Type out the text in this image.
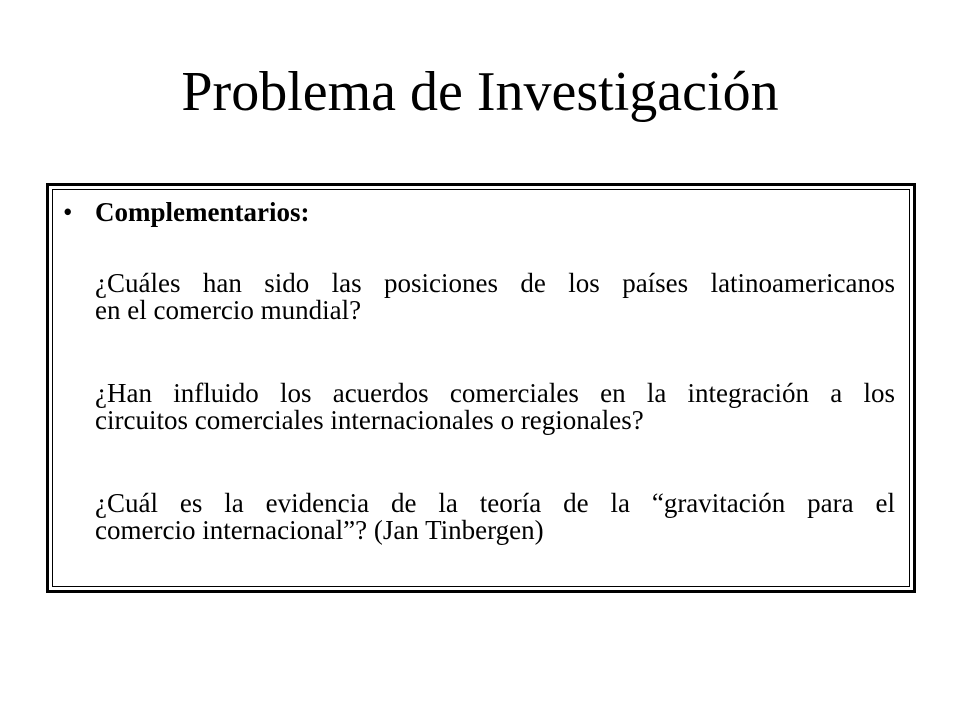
Problema de Investigación
• Complementarios:
¿Cuáles han sido las posiciones de los países latinoamericanos
en el comercio mundial?
¿Han influido los acuerdos comerciales en la integración a los
circuitos comerciales internacionales o regionales?
¿Cuál es la evidencia de la teoría de la “gravitación para el
comercio internacional”? (Jan Tinbergen)
